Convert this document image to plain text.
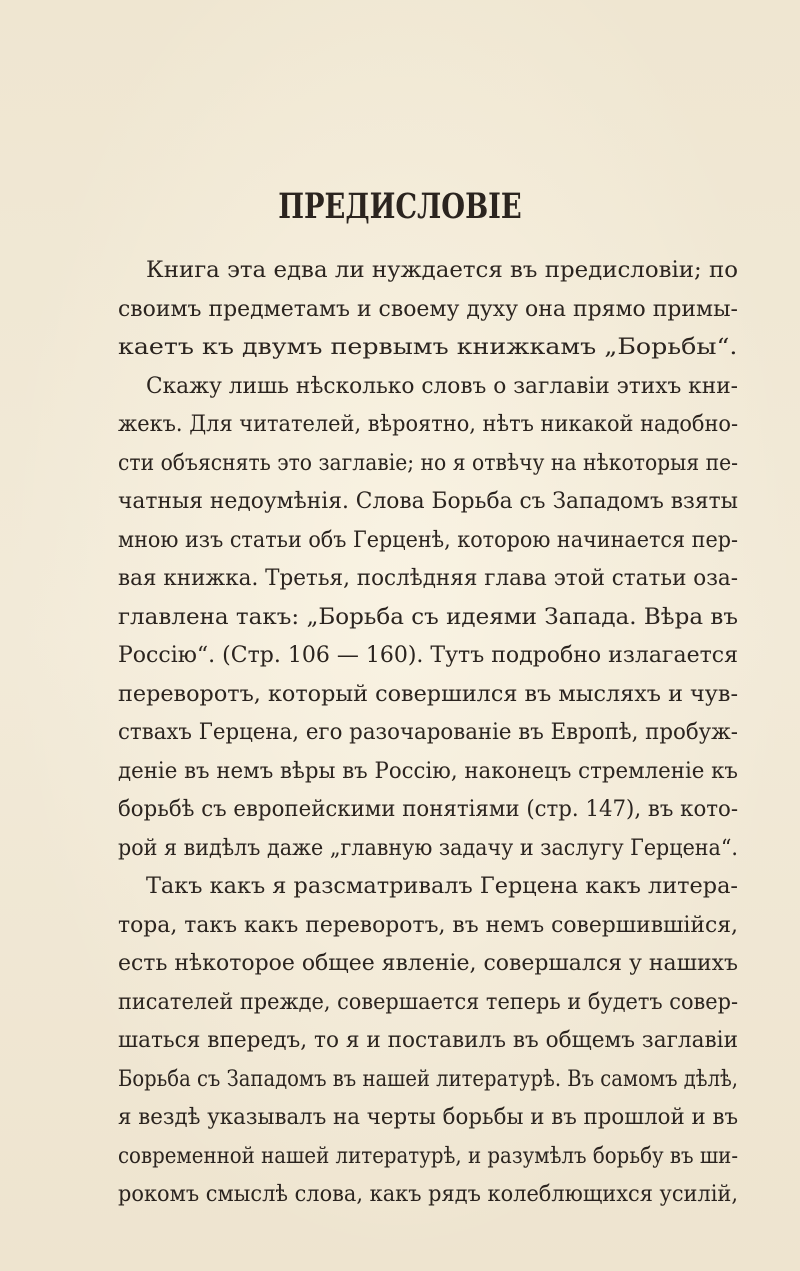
ПРЕДИСЛОВІЕ
Книга эта едва ли нуждается въ предисловіи; по
своимъ предметамъ и своему духу она прямо примы-
каетъ къ двумъ первымъ книжкамъ „Борьбы“.
Скажу лишь нѣсколько словъ о заглавіи этихъ кни-
жекъ. Для читателей, вѣроятно, нѣтъ никакой надобно-
сти объяснять это заглавіе; но я отвѣчу на нѣкоторыя пе-
чатныя недоумѣнія. Слова Борьба съ Западомъ взяты
мною изъ статьи объ Герценѣ, которою начинается пер-
вая книжка. Третья, послѣдняя глава этой статьи оза-
главлена такъ: „Борьба съ идеями Запада. Вѣра въ
Россію“. (Стр. 106 — 160). Тутъ подробно излагается
переворотъ, который совершился въ мысляхъ и чув-
ствахъ Герцена, его разочарованіе въ Европѣ, пробуж-
деніе въ немъ вѣры въ Россію, наконецъ стремленіе къ
борьбѣ съ европейскими понятіями (стр. 147), въ кото-
рой я видѣлъ даже „главную задачу и заслугу Герцена“.
Такъ какъ я разсматривалъ Герцена какъ литера-
тора, такъ какъ переворотъ, въ немъ совершившійся,
есть нѣкоторое общее явленіе, совершался у нашихъ
писателей прежде, совершается теперь и будетъ совер-
шаться впередъ, то я и поставилъ въ общемъ заглавіи
Борьба съ Западомъ въ нашей литературѣ. Въ самомъ дѣлѣ,
я вездѣ указывалъ на черты борьбы и въ прошлой и въ
современной нашей литературѣ, и разумѣлъ борьбу въ ши-
рокомъ смыслѣ слова, какъ рядъ колеблющихся усилій,
